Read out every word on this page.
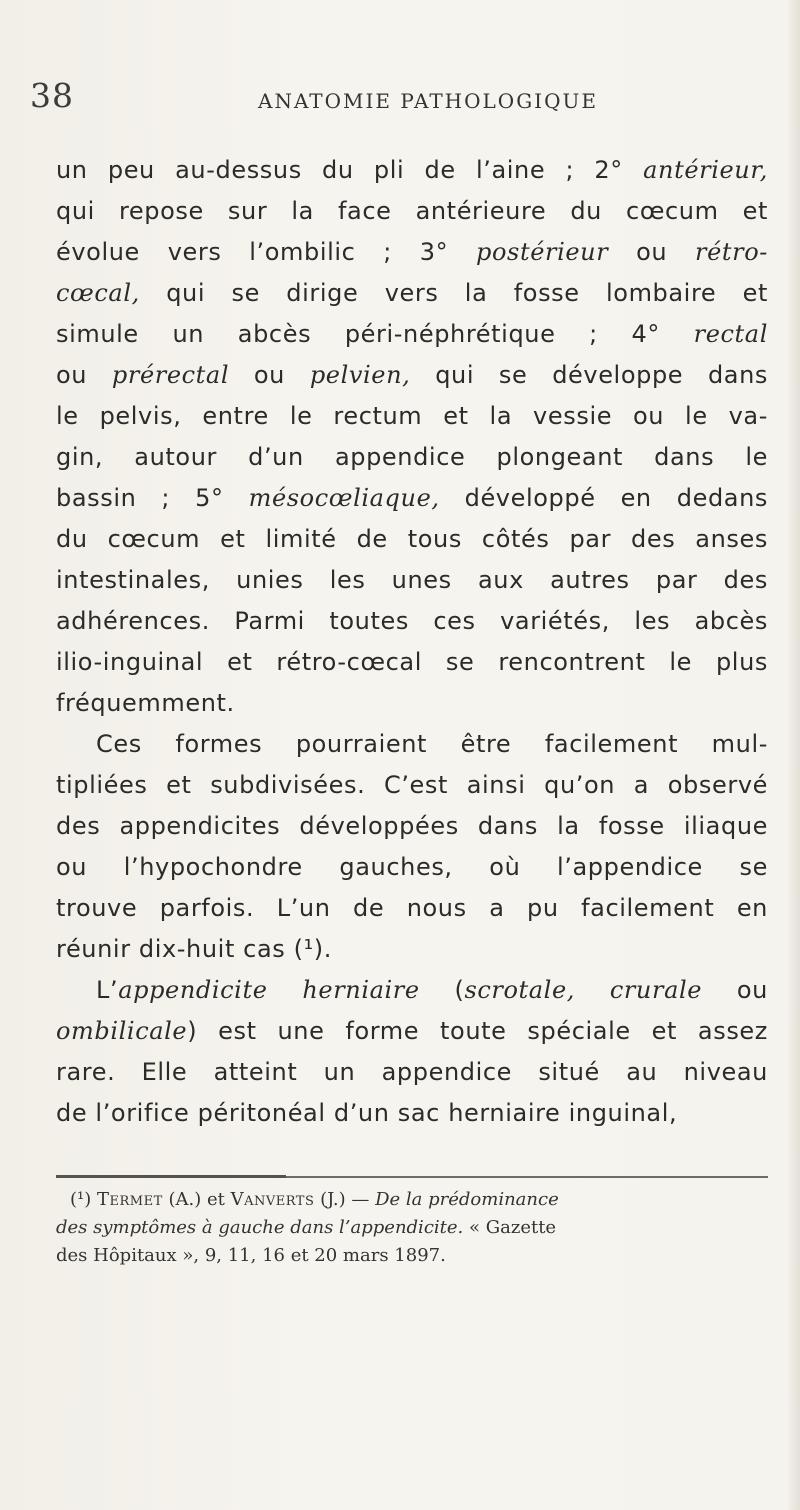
38	ANATOMIE PATHOLOGIQUE
un peu au-dessus du pli de l’aine ; 2° antérieur,
qui repose sur la face antérieure du cœcum et
évolue vers l’ombilic ; 3° postérieur ou rétro-
cœcal, qui se dirige vers la fosse lombaire et
simule un abcès péri-néphrétique ; 4° rectal
ou prérectal ou pelvien, qui se développe dans
le pelvis, entre le rectum et la vessie ou le va-
gin, autour d’un appendice plongeant dans le
bassin ; 5° mésocœliaque, développé en dedans
du cœcum et limité de tous côtés par des anses
intestinales, unies les unes aux autres par des
adhérences. Parmi toutes ces variétés, les abcès
ilio-inguinal et rétro-cœcal se rencontrent le plus
fréquemment.
Ces formes pourraient être facilement mul-
tipliées et subdivisées. C’est ainsi qu’on a observé
des appendicites développées dans la fosse iliaque
ou l’hypochondre gauches, où l’appendice se
trouve parfois. L’un de nous a pu facilement en
réunir dix-huit cas (¹).
L’appendicite herniaire (scrotale, crurale ou
ombilicale) est une forme toute spéciale et assez
rare. Elle atteint un appendice situé au niveau
de l’orifice péritonéal d’un sac herniaire inguinal,
(¹) Termet (A.) et Vanverts (J.) — De la prédominance
des symptômes à gauche dans l’appendicite. « Gazette
des Hôpitaux », 9, 11, 16 et 20 mars 1897.
